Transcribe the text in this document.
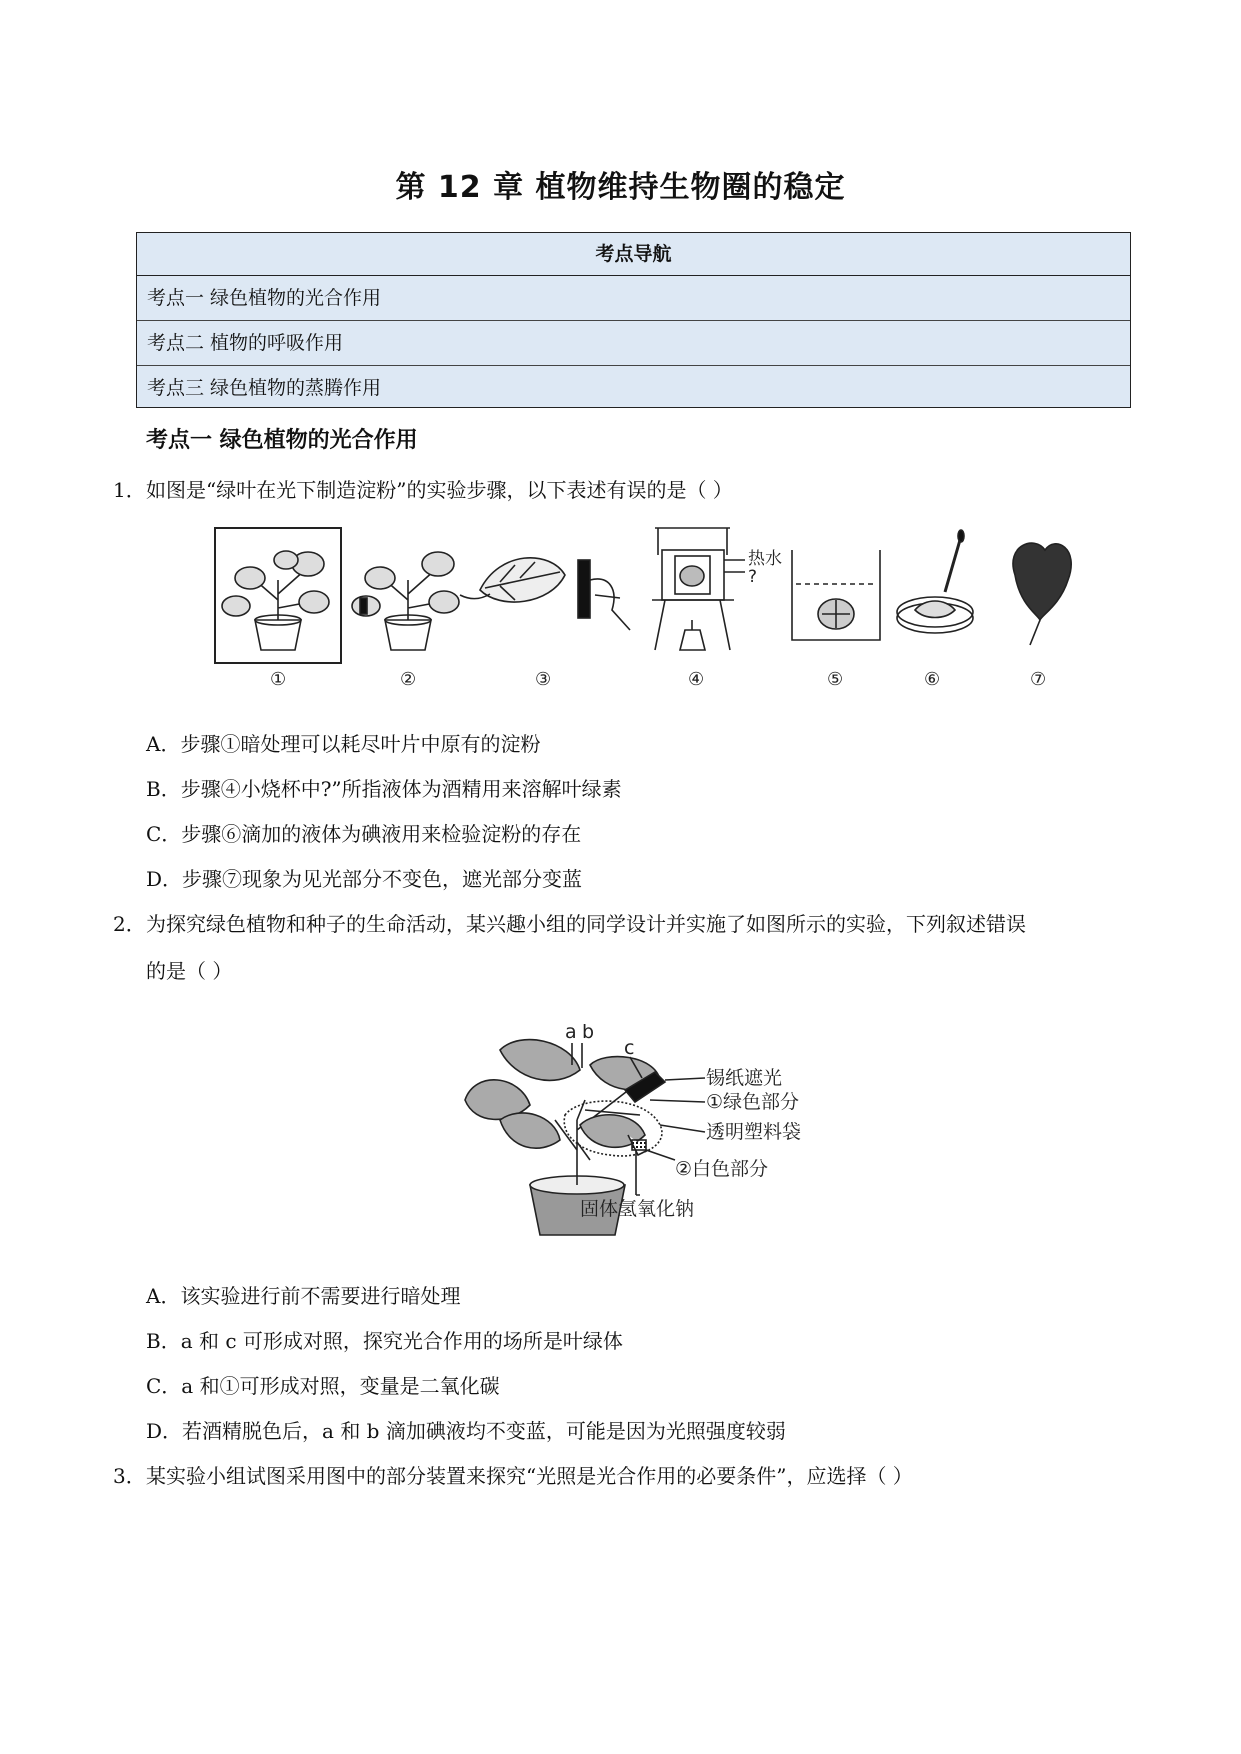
第 12 章 植物维持生物圈的稳定
考点导航
考点一 绿色植物的光合作用
考点二 植物的呼吸作用
考点三 绿色植物的蒸腾作用
考点一 绿色植物的光合作用
1．如图是“绿叶在光下制造淀粉”的实验步骤，以下表述有误的是（ ）
①	②	③	④	⑤	⑥	⑦
热水
?
A．步骤①暗处理可以耗尽叶片中原有的淀粉
B．步骤④小烧杯中?”所指液体为酒精用来溶解叶绿素
C．步骤⑥滴加的液体为碘液用来检验淀粉的存在
D．步骤⑦现象为见光部分不变色，遮光部分变蓝
2．为探究绿色植物和种子的生命活动，某兴趣小组的同学设计并实施了如图所示的实验，下列叙述错误
的是（ ）
a b
c
锡纸遮光
①绿色部分
透明塑料袋
②白色部分
固体氢氧化钠
A．该实验进行前不需要进行暗处理
B．a 和 c 可形成对照，探究光合作用的场所是叶绿体
C．a 和①可形成对照，变量是二氧化碳
D．若酒精脱色后，a 和 b 滴加碘液均不变蓝，可能是因为光照强度较弱
3．某实验小组试图采用图中的部分装置来探究“光照是光合作用的必要条件”，应选择（ ）
